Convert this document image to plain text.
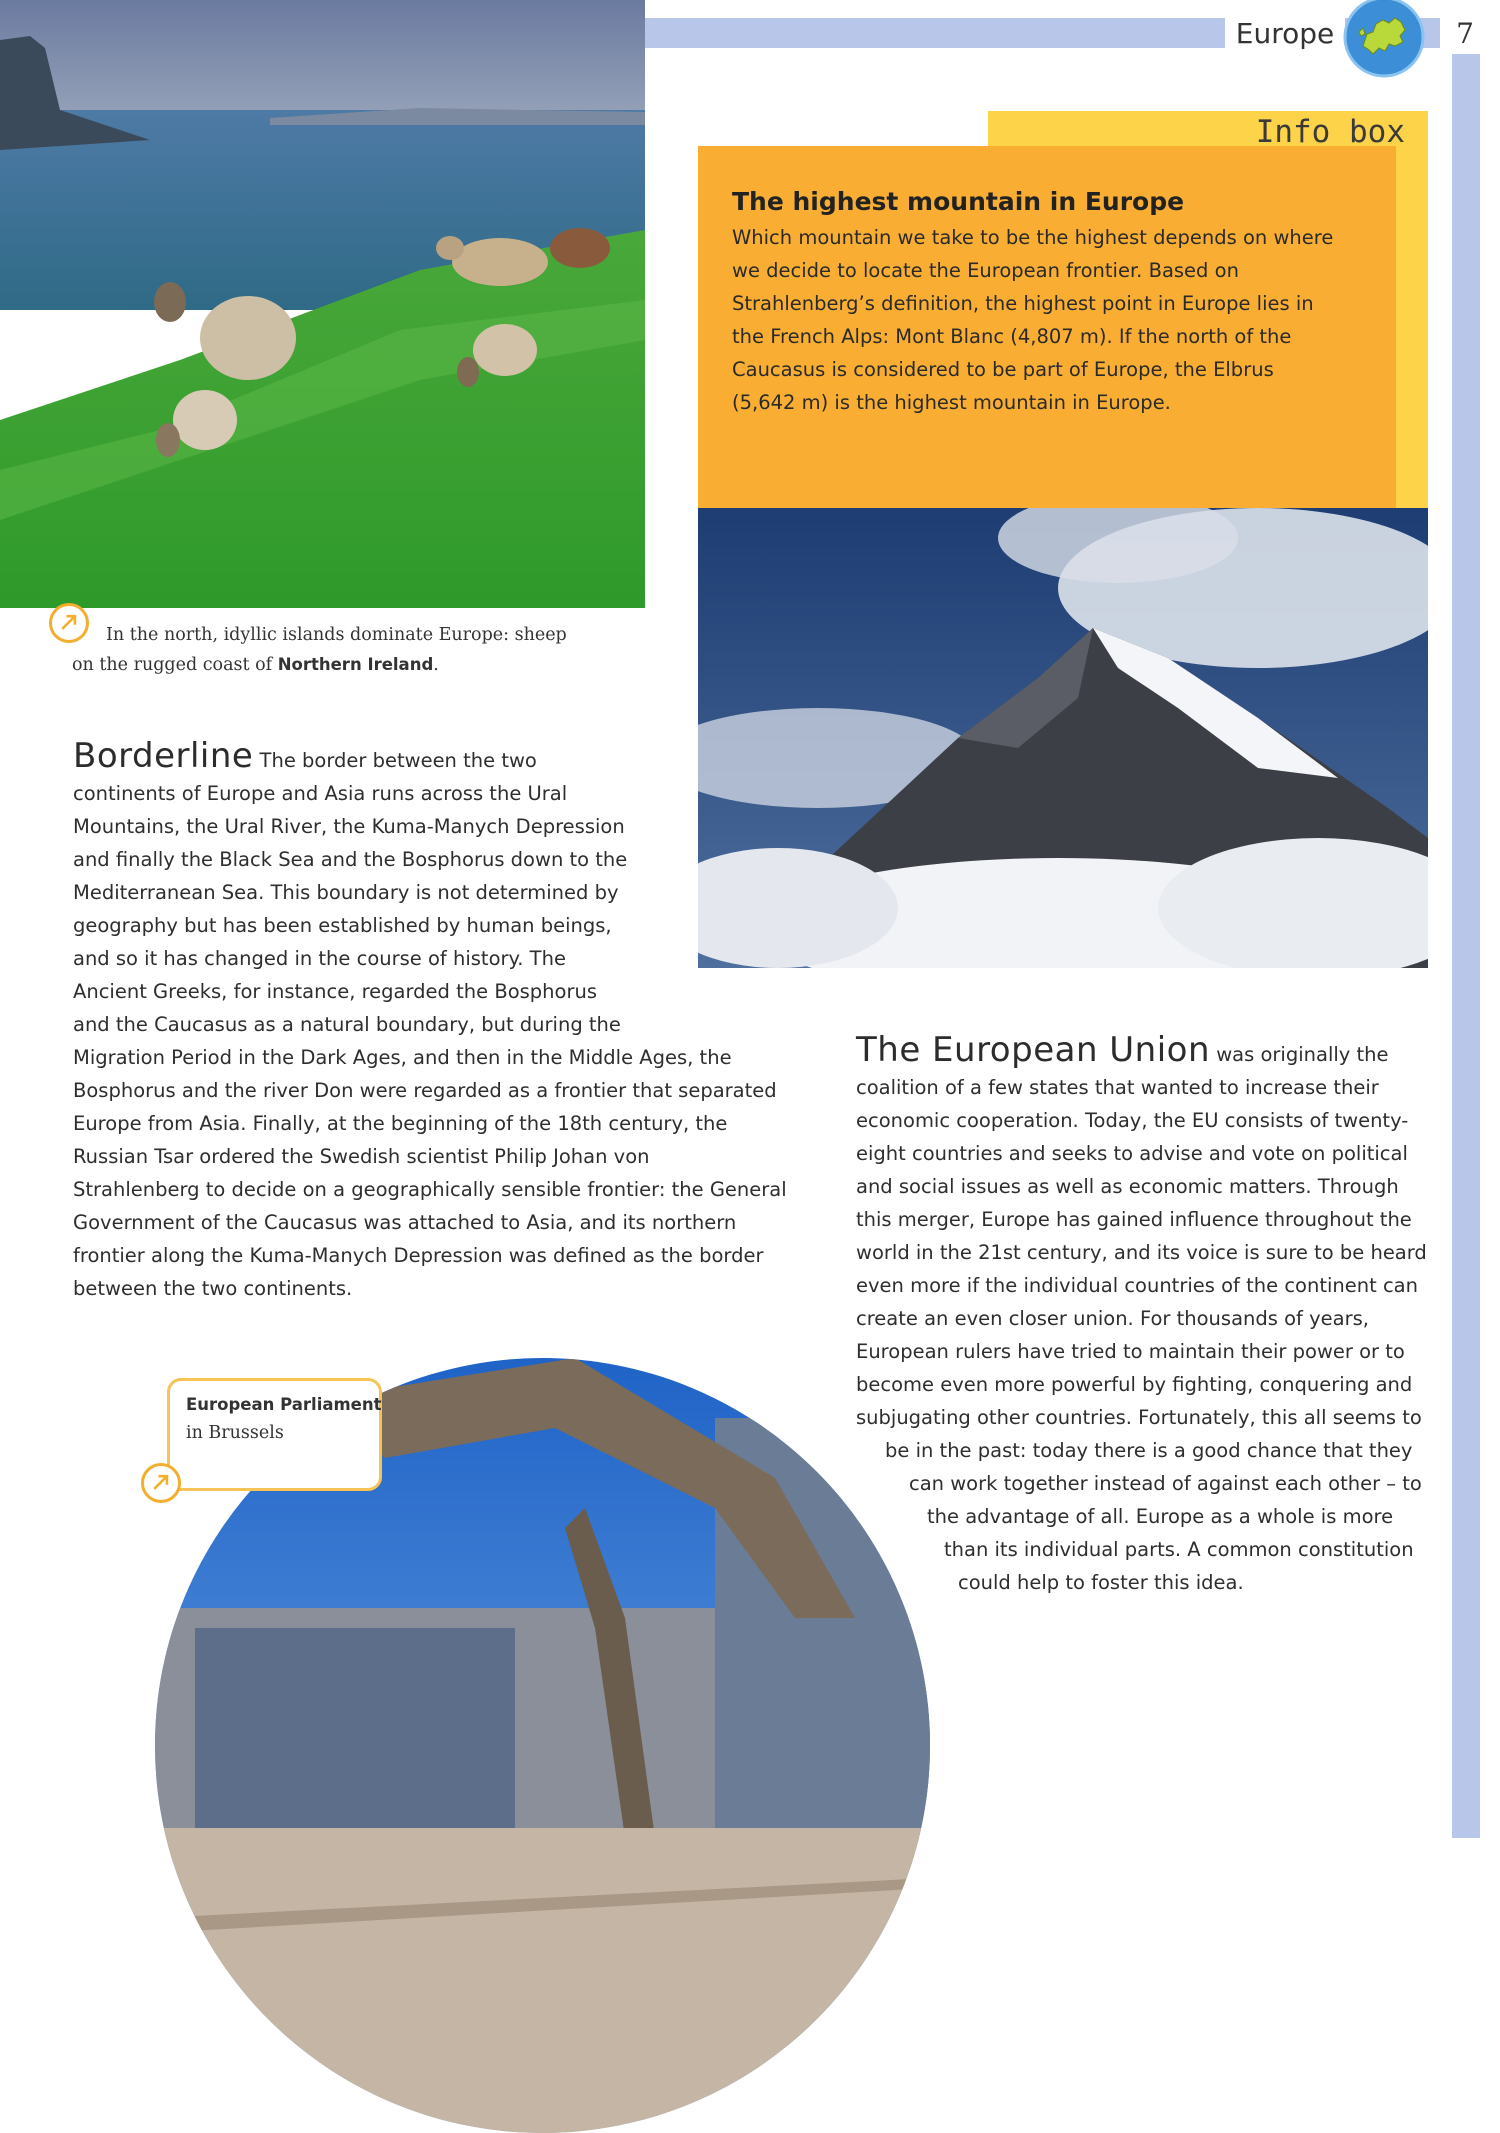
Europe	7
In the north, idyllic islands dominate Europe: sheep
on the rugged coast of Northern Ireland.
Info box
The highest mountain in Europe
Which mountain we take to be the highest depends on where
we decide to locate the European frontier. Based on
Strahlenberg’s definition, the highest point in Europe lies in
the French Alps: Mont Blanc (4,807 m). If the north of the
Caucasus is considered to be part of Europe, the Elbrus
(5,642 m) is the highest mountain in Europe.
Borderline The border between the two
continents of Europe and Asia runs across the Ural
Mountains, the Ural River, the Kuma-Manych Depression
and finally the Black Sea and the Bosphorus down to the
Mediterranean Sea. This boundary is not determined by
geography but has been established by human beings,
and so it has changed in the course of history. The
Ancient Greeks, for instance, regarded the Bosphorus
and the Caucasus as a natural boundary, but during the
Migration Period in the Dark Ages, and then in the Middle Ages, the
Bosphorus and the river Don were regarded as a frontier that separated
Europe from Asia. Finally, at the beginning of the 18th century, the
Russian Tsar ordered the Swedish scientist Philip Johan von
Strahlenberg to decide on a geographically sensible frontier: the General
Government of the Caucasus was attached to Asia, and its northern
frontier along the Kuma-Manych Depression was defined as the border
between the two continents.
The European Union was originally the
coalition of a few states that wanted to increase their
economic cooperation. Today, the EU consists of twenty-
eight countries and seeks to advise and vote on political
and social issues as well as economic matters. Through
this merger, Europe has gained influence throughout the
world in the 21st century, and its voice is sure to be heard
even more if the individual countries of the continent can
create an even closer union. For thousands of years,
European rulers have tried to maintain their power or to
become even more powerful by fighting, conquering and
subjugating other countries. Fortunately, this all seems to
be in the past: today there is a good chance that they
can work together instead of against each other – to
the advantage of all. Europe as a whole is more
than its individual parts. A common constitution
could help to foster this idea.
European Parliament
in Brussels
